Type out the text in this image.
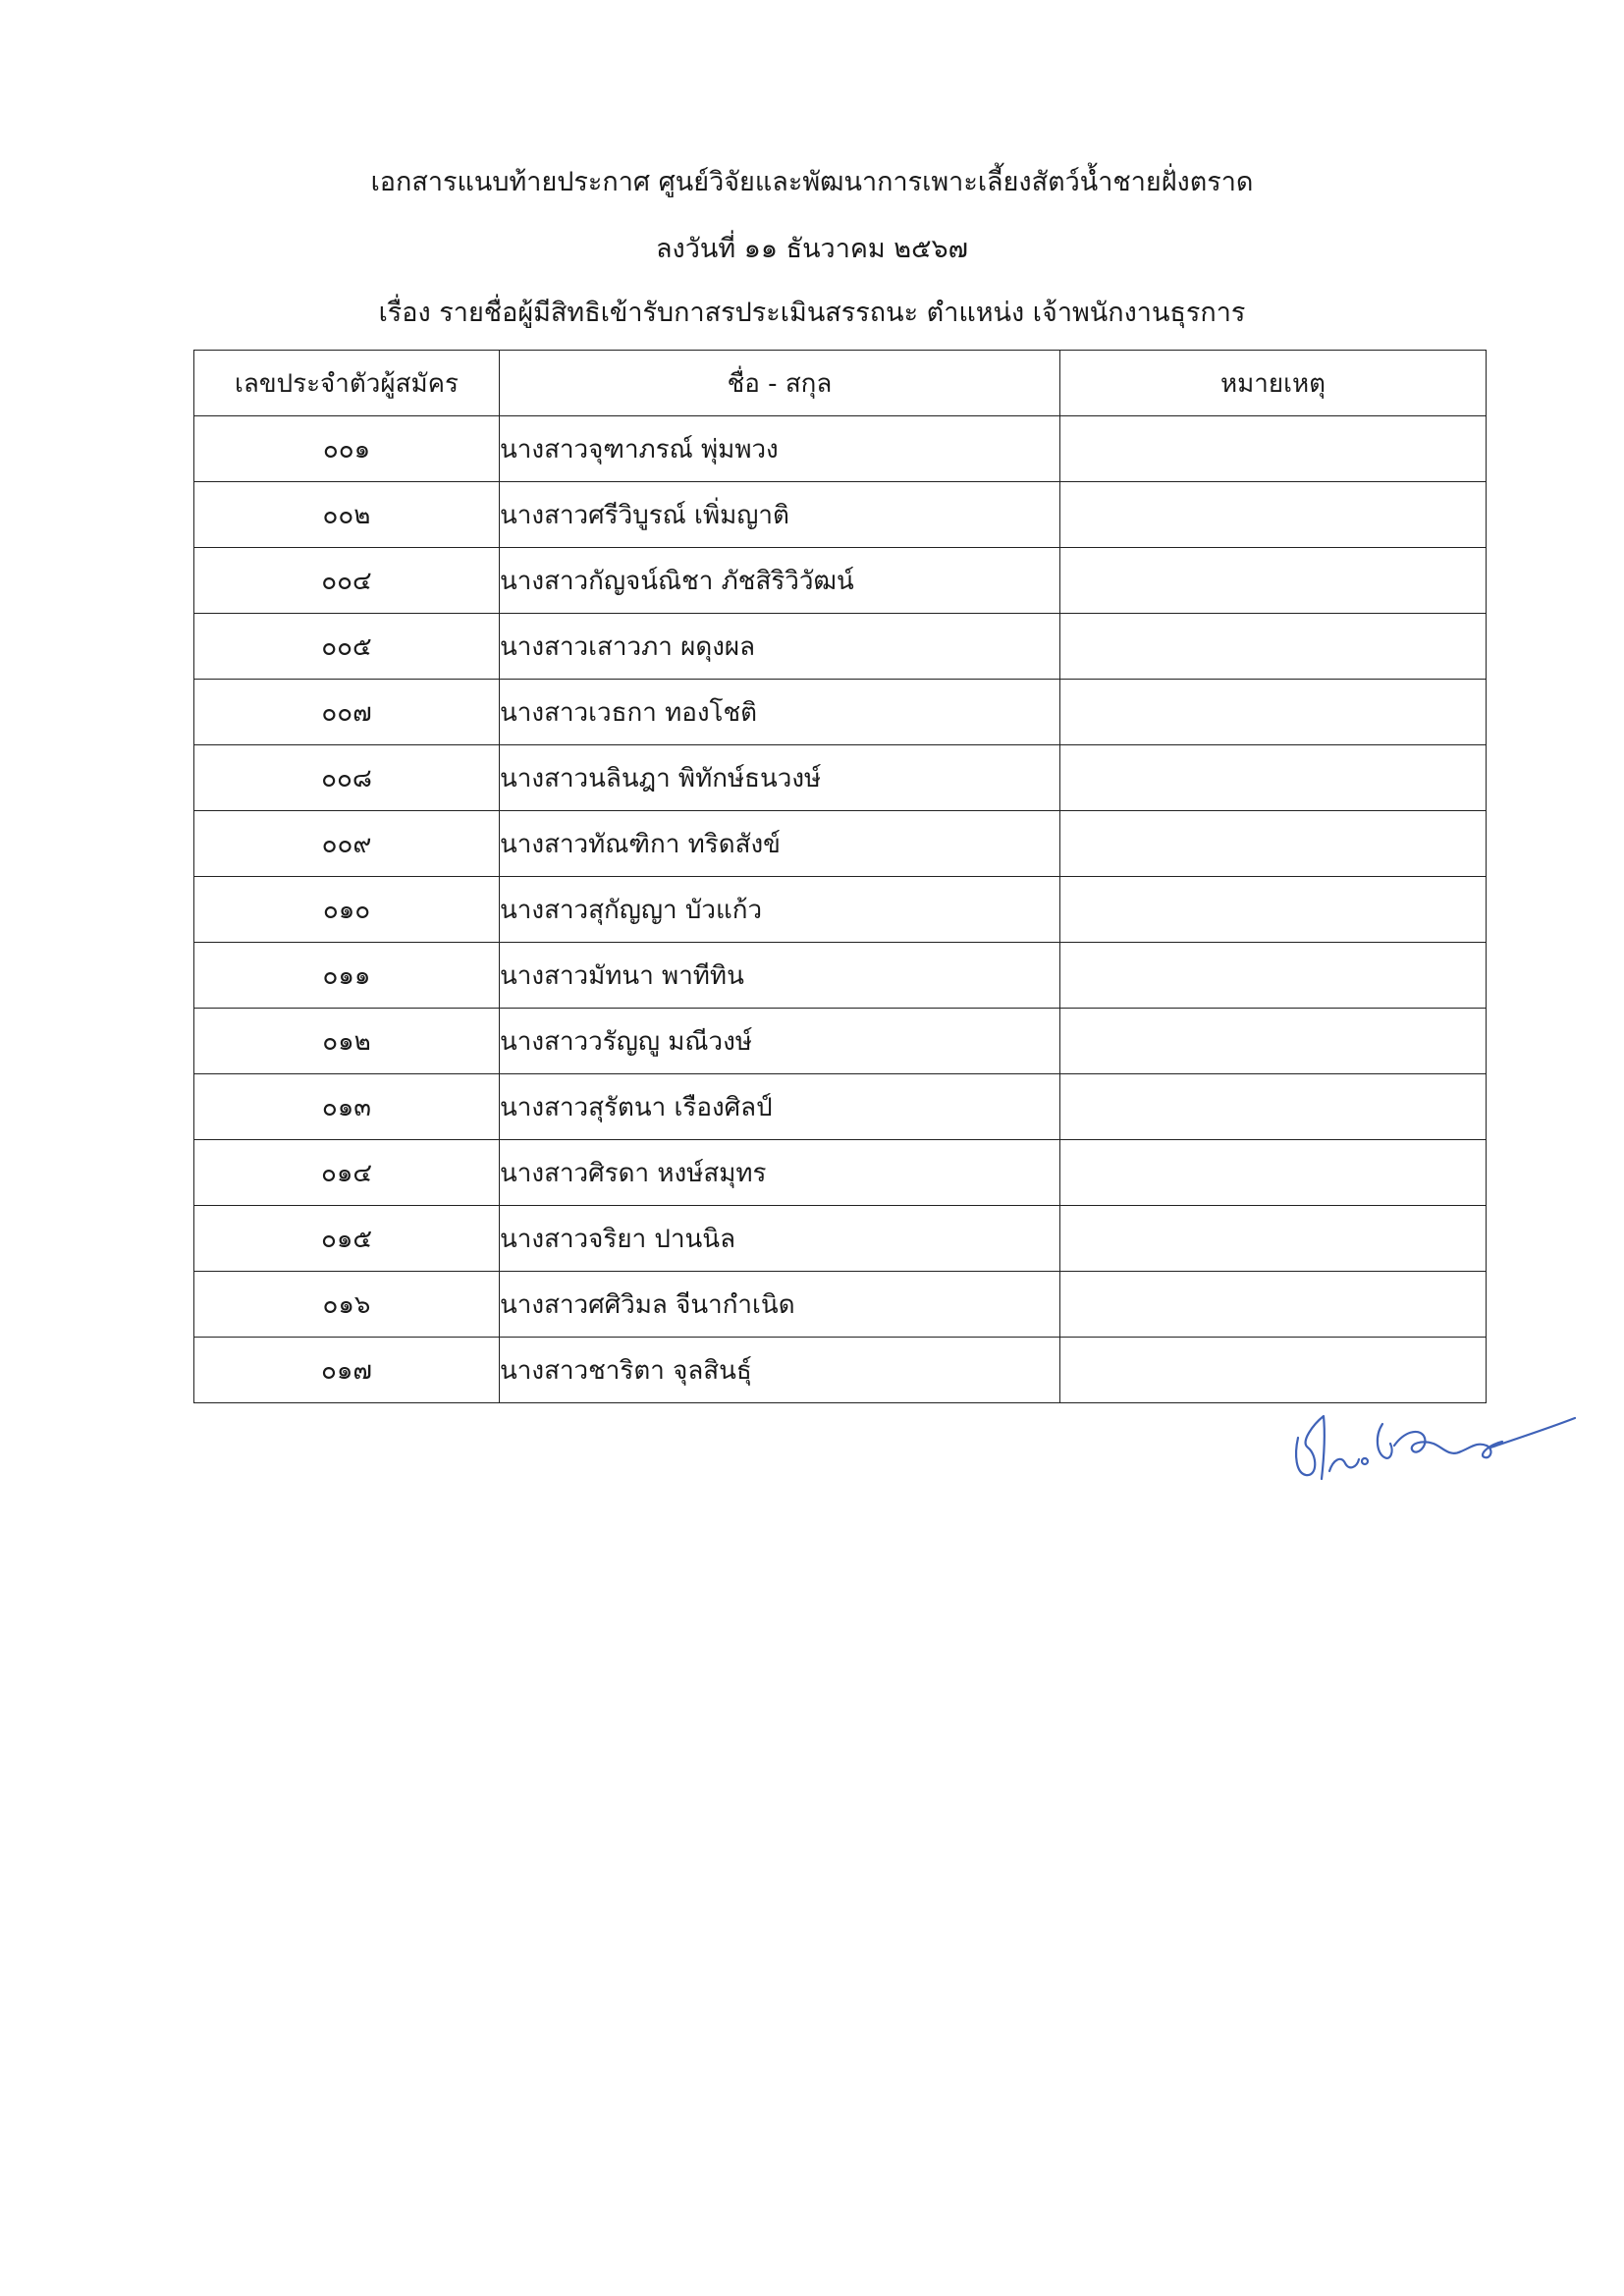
เอกสารแนบท้ายประกาศ ศูนย์วิจัยและพัฒนาการเพาะเลี้ยงสัตว์น้ำชายฝั่งตราด
ลงวันที่ ๑๑ ธันวาคม ๒๕๖๗
เรื่อง รายชื่อผู้มีสิทธิเข้ารับกาสรประเมินสรรถนะ ตำแหน่ง เจ้าพนักงานธุรการ
เลขประจำตัวผู้สมัคร	ชื่อ - สกุล	หมายเหตุ
๐๐๑	นางสาวจุฑาภรณ์ พุ่มพวง	
๐๐๒	นางสาวศรีวิบูรณ์ เพิ่มญาติ	
๐๐๔	นางสาวกัญจน์ณิชา ภัชสิริวิวัฒน์	
๐๐๕	นางสาวเสาวภา ผดุงผล	
๐๐๗	นางสาวเวธกา ทองโชติ	
๐๐๘	นางสาวนลินฎา พิทักษ์ธนวงษ์	
๐๐๙	นางสาวทัณฑิกา ทริดสังข์	
๐๑๐	นางสาวสุกัญญา บัวแก้ว	
๐๑๑	นางสาวมัทนา พาทีทิน	
๐๑๒	นางสาววรัญญู มณีวงษ์	
๐๑๓	นางสาวสุรัตนา เรืองศิลป์	
๐๑๔	นางสาวศิรดา หงษ์สมุทร	
๐๑๕	นางสาวจริยา ปานนิล	
๐๑๖	นางสาวศศิวิมล จีนากำเนิด	
๐๑๗	นางสาวชาริตา จุลสินธุ์	
